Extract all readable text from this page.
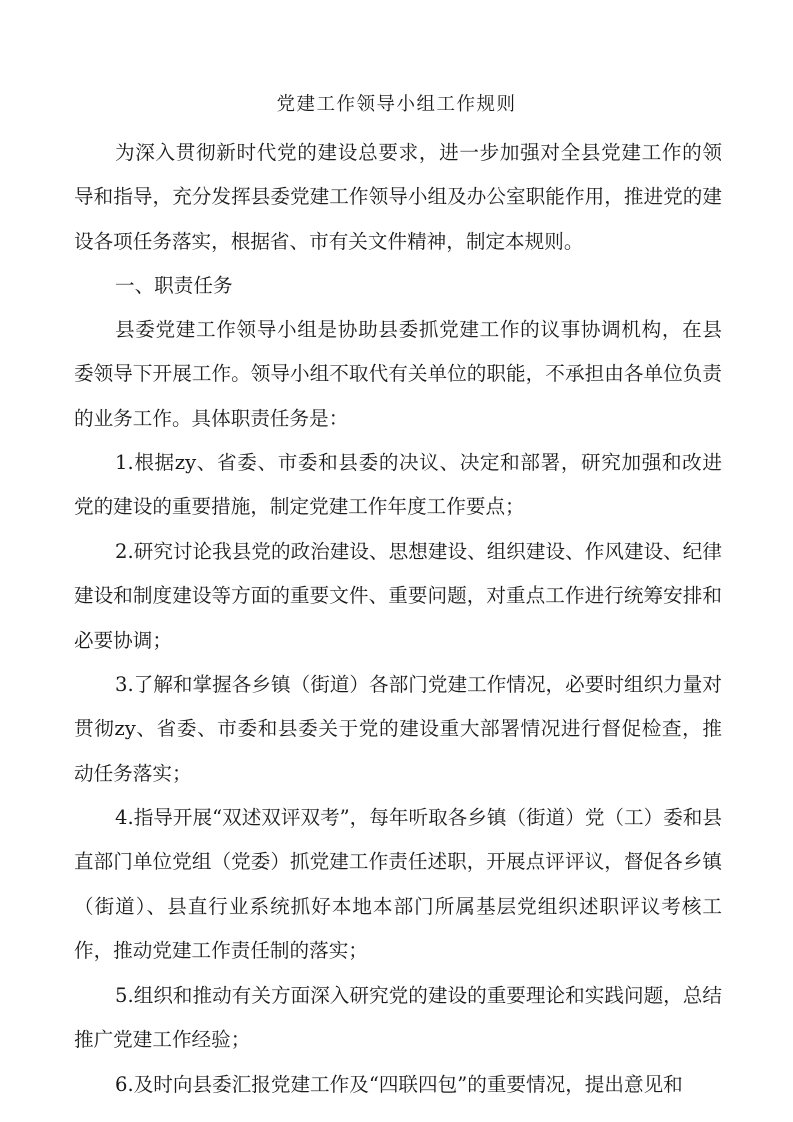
党建工作领导小组工作规则

为深入贯彻新时代党的建设总要求，进一步加强对全县党建工作的领导和指导，充分发挥县委党建工作领导小组及办公室职能作用，推进党的建设各项任务落实，根据省、市有关文件精神，制定本规则。

一、职责任务

县委党建工作领导小组是协助县委抓党建工作的议事协调机构，在县委领导下开展工作。领导小组不取代有关单位的职能，不承担由各单位负责的业务工作。具体职责任务是：

1.根据zy、省委、市委和县委的决议、决定和部署，研究加强和改进党的建设的重要措施，制定党建工作年度工作要点；

2.研究讨论我县党的政治建设、思想建设、组织建设、作风建设、纪律建设和制度建设等方面的重要文件、重要问题，对重点工作进行统筹安排和必要协调；

3.了解和掌握各乡镇（街道）各部门党建工作情况，必要时组织力量对贯彻zy、省委、市委和县委关于党的建设重大部署情况进行督促检查，推动任务落实；

4.指导开展“双述双评双考”，每年听取各乡镇（街道）党（工）委和县直部门单位党组（党委）抓党建工作责任述职，开展点评评议，督促各乡镇（街道）、县直行业系统抓好本地本部门所属基层党组织述职评议考核工作，推动党建工作责任制的落实；

5.组织和推动有关方面深入研究党的建设的重要理论和实践问题，总结推广党建工作经验；

6.及时向县委汇报党建工作及“四联四包”的重要情况，提出意见和
